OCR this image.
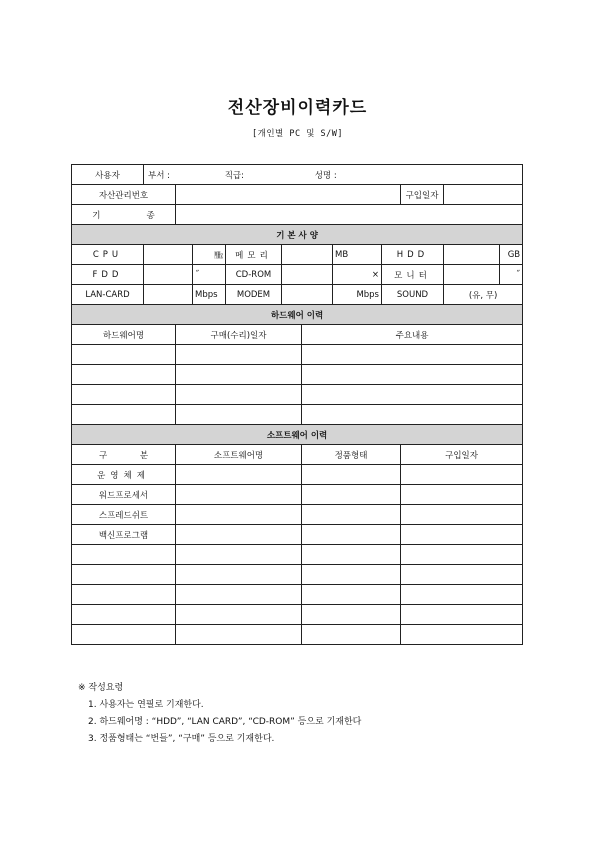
전산장비이력카드
[개인별 PC 및 S/W]
사용자	부서 : 직급: 성명 :										
자산관리번호									구입일자		
기 종											
기 본 사 양											
CPU			㎒	메모리			MB	HDD			GB
FDD			˝	CD-ROM			×	모니터			˝
LAN-CARD			Mbps	MODEM			Mbps	SOUND		(유, 무)	
하드웨어 이력											
하드웨어명		구매(수리)일자				주요내용					

소프트웨어 이력											
구 분		소프트웨어명				정품형태			구입일자		
운영체제											
워드프로세서											
스프레드쉬트											
백신프로그램											

※ 작성요령
1. 사용자는 연필로 기재한다.
2. 하드웨어명 : “HDD”, “LAN CARD”, “CD-ROM” 등으로 기재한다
3. 정품형태는 “번들”, “구매” 등으로 기재한다.
